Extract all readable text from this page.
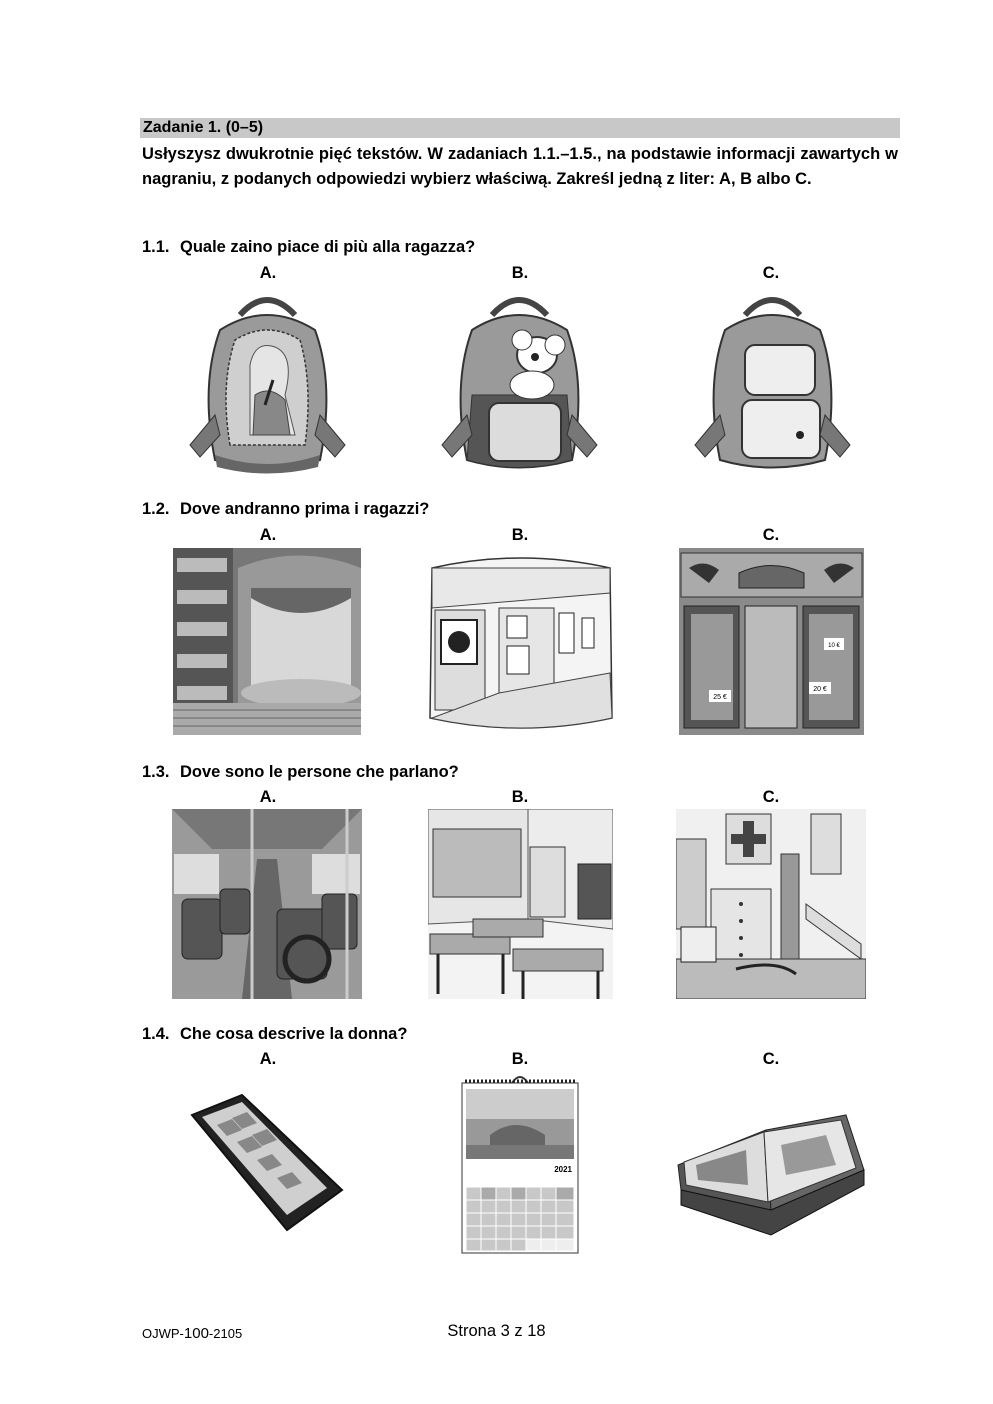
Zadanie 1. (0–5)
Usłyszysz dwukrotnie pięć tekstów. W zadaniach 1.1.–1.5., na podstawie informacji zawartych w nagraniu, z podanych odpowiedzi wybierz właściwą. Zakreśl jedną z liter: A, B albo C.
1.1. Quale zaino piace di più alla ragazza?
A.	B.	C.
1.2. Dove andranno prima i ragazzi?
A.	B.	C.
25 €
20 €
10 €
1.3. Dove sono le persone che parlano?
A.	B.	C.
1.4. Che cosa descrive la donna?
A.	B.	C.
2021
OJWP-100-2105	Strona 3 z 18
